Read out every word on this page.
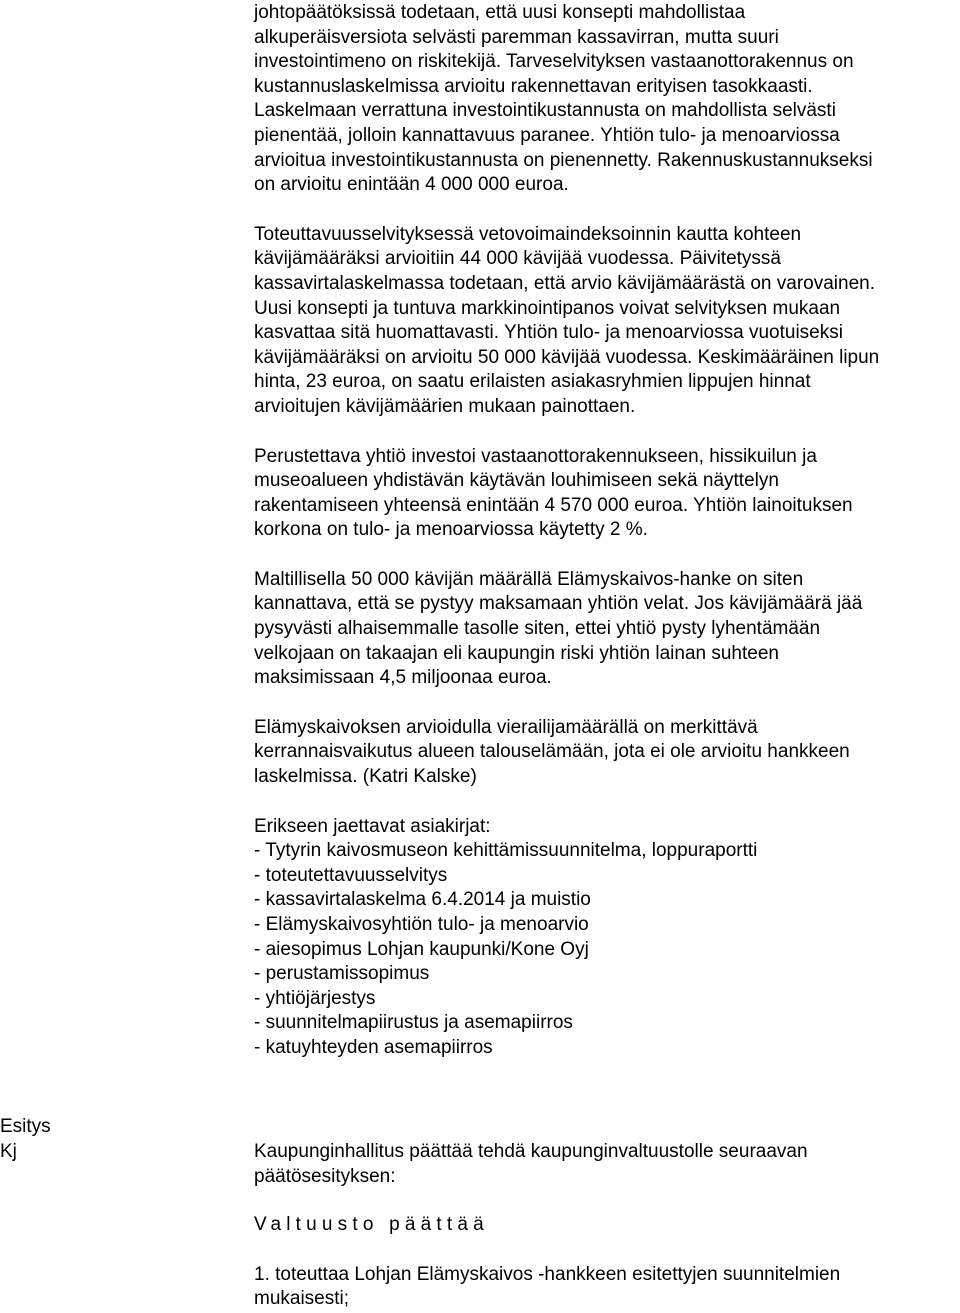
johtopäätöksissä todetaan, että uusi konsepti mahdollistaa
alkuperäisversiota selvästi paremman kassavirran, mutta suuri
investointimeno on riskitekijä. Tarveselvityksen vastaanottorakennus on
kustannuslaskelmissa arvioitu rakennettavan erityisen tasokkaasti.
Laskelmaan verrattuna investointikustannusta on mahdollista selvästi
pienentää, jolloin kannattavuus paranee. Yhtiön tulo- ja menoarviossa
arvioitua investointikustannusta on pienennetty. Rakennuskustannukseksi
on arvioitu enintään 4 000 000 euroa.
Toteuttavuusselvityksessä vetovoimaindeksoinnin kautta kohteen
kävijämääräksi arvioitiin 44 000 kävijää vuodessa. Päivitetyssä
kassavirtalaskelmassa todetaan, että arvio kävijämäärästä on varovainen.
Uusi konsepti ja tuntuva markkinointipanos voivat selvityksen mukaan
kasvattaa sitä huomattavasti. Yhtiön tulo- ja menoarviossa vuotuiseksi
kävijämääräksi on arvioitu 50 000 kävijää vuodessa. Keskimääräinen lipun
hinta, 23 euroa, on saatu erilaisten asiakasryhmien lippujen hinnat
arvioitujen kävijämäärien mukaan painottaen.
Perustettava yhtiö investoi vastaanottorakennukseen, hissikuilun ja
museoalueen yhdistävän käytävän louhimiseen sekä näyttelyn
rakentamiseen yhteensä enintään 4 570 000 euroa. Yhtiön lainoituksen
korkona on tulo- ja menoarviossa käytetty 2 %.
Maltillisella 50 000 kävijän määrällä Elämyskaivos-hanke on siten
kannattava, että se pystyy maksamaan yhtiön velat. Jos kävijämäärä jää
pysyvästi alhaisemmalle tasolle siten, ettei yhtiö pysty lyhentämään
velkojaan on takaajan eli kaupungin riski yhtiön lainan suhteen
maksimissaan 4,5 miljoonaa euroa.
Elämyskaivoksen arvioidulla vierailijamäärällä on merkittävä
kerrannaisvaikutus alueen talouselämään, jota ei ole arvioitu hankkeen
laskelmissa. (Katri Kalske)
Erikseen jaettavat asiakirjat:
- Tytyrin kaivosmuseon kehittämissuunnitelma, loppuraportti
- toteutettavuusselvitys
- kassavirtalaskelma 6.4.2014 ja muistio
- Elämyskaivosyhtiön tulo- ja menoarvio
- aiesopimus Lohjan kaupunki/Kone Oyj
- perustamissopimus
- yhtiöjärjestys
- suunnitelmapiirustus ja asemapiirros
- katuyhteyden asemapiirros
Esitys
Kj	Kaupunginhallitus päättää tehdä kaupunginvaltuustolle seuraavan
päätösesityksen:
Valtuusto päättää
1. toteuttaa Lohjan Elämyskaivos -hankkeen esitettyjen suunnitelmien
mukaisesti;
